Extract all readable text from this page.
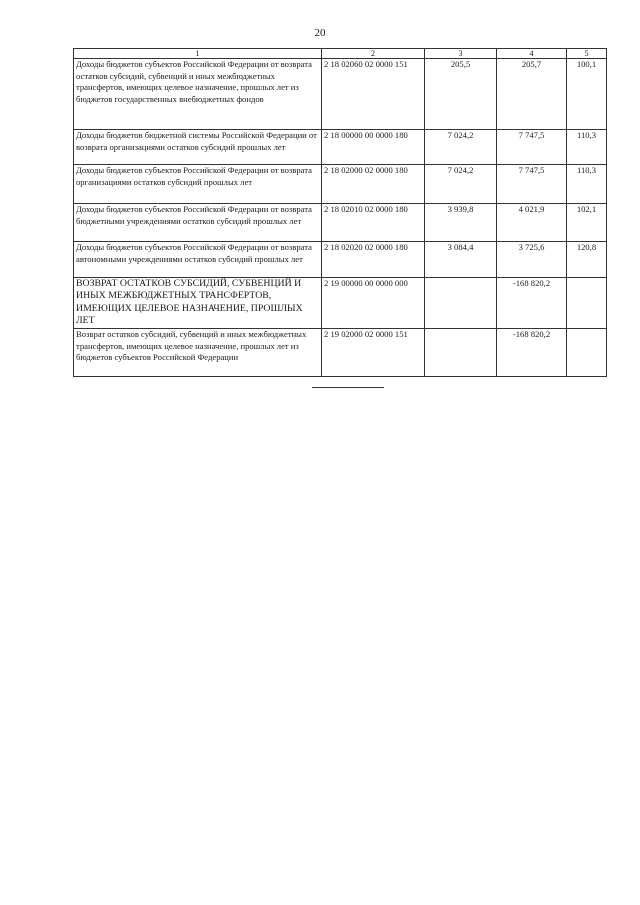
20
1	2	3	4	5
Доходы бюджетов субъектов Российской Федерации от возврата остатков субсидий, субвенций и иных межбюджетных трансфертов, имеющих целевое назначение, прошлых лет из бюджетов государственных внебюджетных фондов	2 18 02060 02 0000 151	205,5	205,7	100,1
Доходы бюджетов бюджетной системы Российской Федерации от возврата организациями остатков субсидий прошлых лет	2 18 00000 00 0000 180	7 024,2	7 747,5	110,3
Доходы бюджетов субъектов Российской Федерации от возврата организациями остатков субсидий прошлых лет	2 18 02000 02 0000 180	7 024,2	7 747,5	110,3
Доходы бюджетов субъектов Российской Федерации от возврата бюджетными учреждениями остатков субсидий прошлых лет	2 18 02010 02 0000 180	3 939,8	4 021,9	102,1
Доходы бюджетов субъектов Российской Федерации от возврата автономными учреждениями остатков субсидий прошлых лет	2 18 02020 02 0000 180	3 084,4	3 725,6	120,8
ВОЗВРАТ ОСТАТКОВ СУБСИДИЙ, СУБВЕНЦИЙ И ИНЫХ МЕЖБЮДЖЕТНЫХ ТРАНСФЕРТОВ, ИМЕЮЩИХ ЦЕЛЕВОЕ НАЗНАЧЕНИЕ, ПРОШЛЫХ ЛЕТ	2 19 00000 00 0000 000		-168 820,2	
Возврат остатков субсидий, субвенций и иных межбюджетных трансфертов, имеющих целевое назначение, прошлых лет из бюджетов субъектов Российской Федерации	2 19 02000 02 0000 151		-168 820,2	
